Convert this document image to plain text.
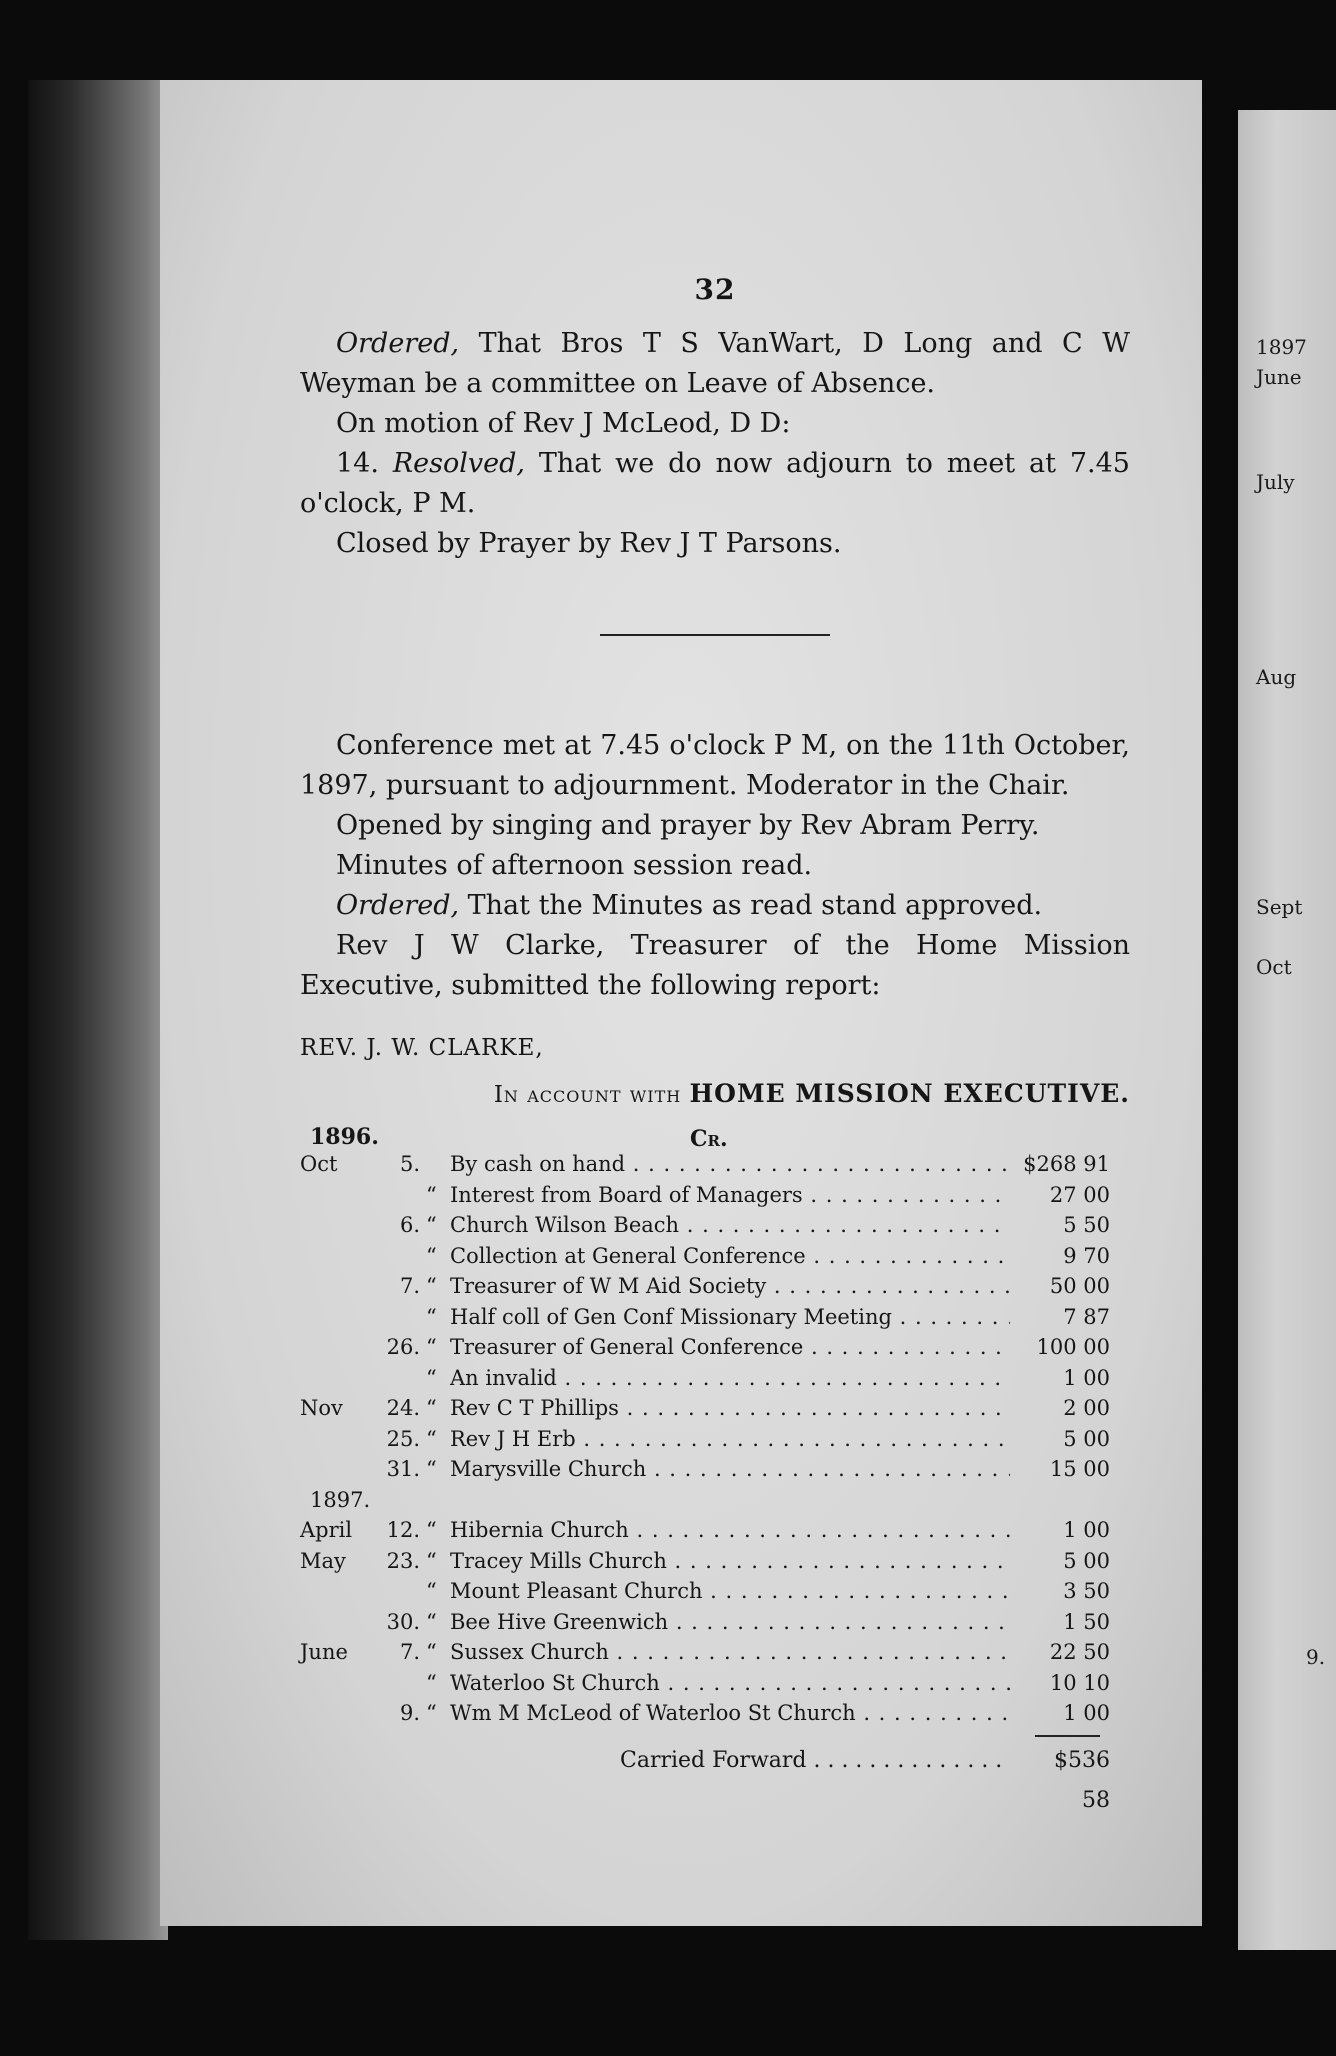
32

Ordered, That Bros T S VanWart, D Long and C W Weyman be a committee on Leave of Absence.

On motion of Rev J McLeod, D D:

14. Resolved, That we do now adjourn to meet at 7.45 o'clock, P M.

Closed by Prayer by Rev J T Parsons.

Conference met at 7.45 o'clock P M, on the 11th October, 1897, pursuant to adjournment. Moderator in the Chair.

Opened by singing and prayer by Rev Abram Perry.

Minutes of afternoon session read.

Ordered, That the Minutes as read stand approved.

Rev J W Clarke, Treasurer of the Home Mission Executive, submitted the following report:

REV. J. W. CLARKE,
In account with HOME MISSION EXECUTIVE.
1896.	Cr.
Oct	5. By cash on hand . . .	$268 91
“ Interest from Board of Managers . . .	27 00
6. “ Church Wilson Beach . . .	5 50
“ Collection at General Conference . . .	9 70
7. “ Treasurer of W M Aid Society . . .	50 00
“ Half coll of Gen Conf Missionary Meeting . . .	7 87
26. “ Treasurer of General Conference . . .	100 00
“ An invalid . . .	1 00
Nov	24. “ Rev C T Phillips . . .	2 00
25. “ Rev J H Erb . . .	5 00
31. “ Marysville Church . . .	15 00
1897.
April	12. “ Hibernia Church . . .	1 00
May	23. “ Tracey Mills Church . . .	5 00
“ Mount Pleasant Church . . .	3 50
30. “ Bee Hive Greenwich . . .	1 50
June	7. “ Sussex Church . . .	22 50
“ Waterloo St Church . . .	10 10
9. “ Wm M McLeod of Waterloo St Church . . .	1 00
Carried Forward . . .	$536 58
1897
June
July
Aug
Sept
Oct
9.
